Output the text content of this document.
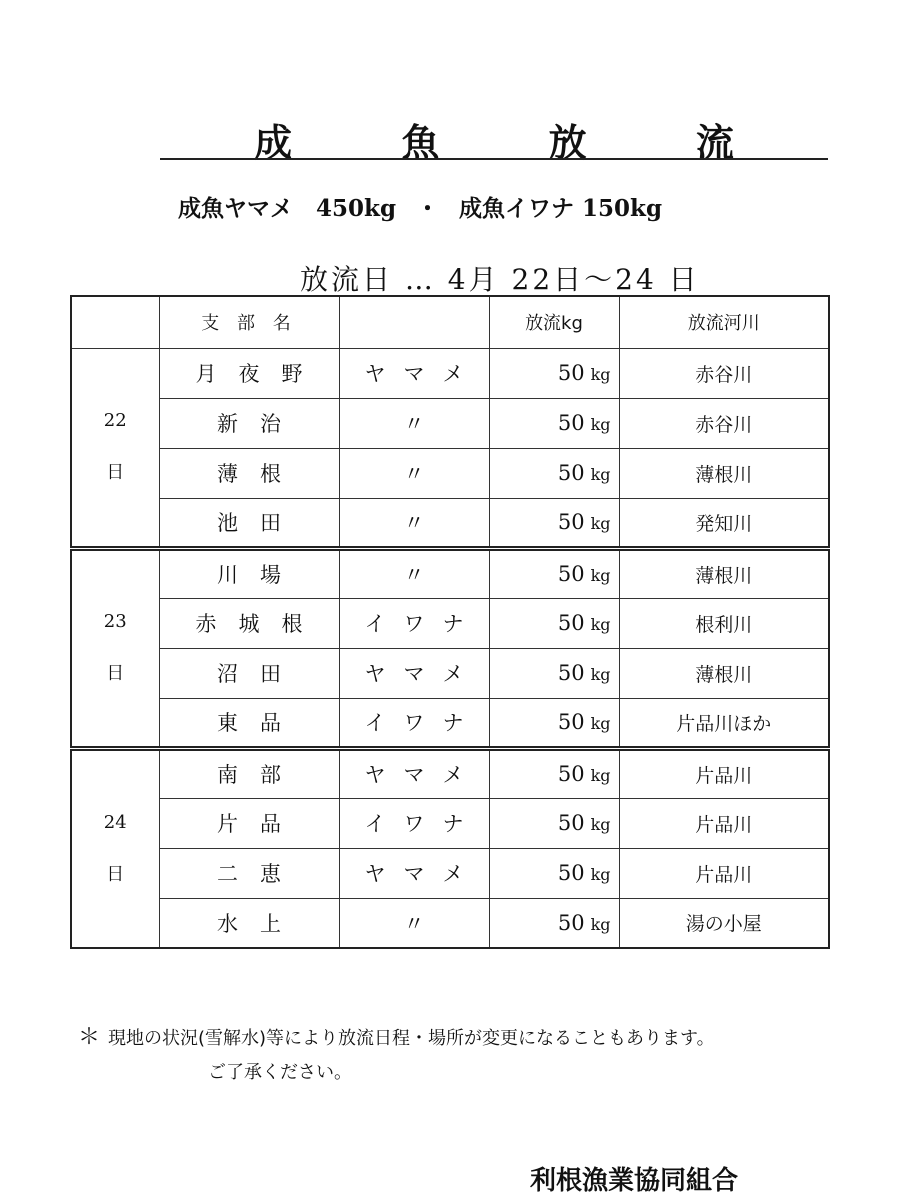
成 魚 放 流
成魚ヤマメ　450kg ・ 成魚イワナ 150kg
放流日 … 4月 22日～24 日
	支 部 名		放流kg	放流河川

22
日	月夜野	ヤマメ	50 kg	赤谷川
	新治	〃	50 kg	赤谷川
	薄根	〃	50 kg	薄根川
	池田	〃	50 kg	発知川

23
日	川場	〃	50 kg	薄根川
	赤城根	イワナ	50 kg	根利川
	沼田	ヤマメ	50 kg	薄根川
	東品	イワナ	50 kg	片品川ほか

24
日	南部	ヤマメ	50 kg	片品川
	片品	イワナ	50 kg	片品川
	二恵	ヤマメ	50 kg	片品川
	水上	〃	50 kg	湯の小屋
＊ 現地の状況(雪解水)等により放流日程・場所が変更になることもあります。
ご了承ください。
利根漁業協同組合
